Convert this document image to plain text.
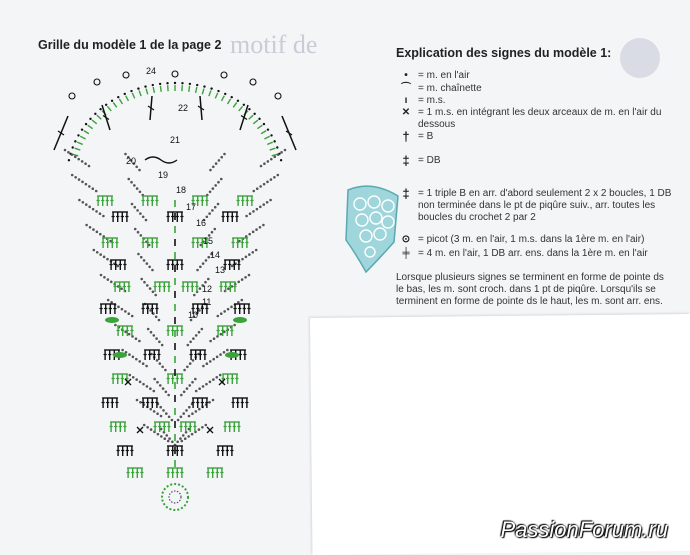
motif de
Grille du modèle 1 de la page 2
Explication des signes du modèle 1:
•	= m. en l'air
⌒ = m. chaînette
ı	= m.s.
✕ = 1 m.s. en intégrant les deux arceaux de m. en l'air du dessous
† = B
‡ = DB
‡ = 1 triple B en arr. d'abord seulement 2 x 2 boucles, 1 DB non terminée dans le pt de piqûre suiv., arr. toutes les boucles du crochet 2 par 2
⊙ = picot (3 m. en l'air, 1 m.s. dans la 1ère m. en l'air)
╪ = 4 m. en l'air, 1 DB arr. ens. dans la 1ère m. en l'air
Lorsque plusieurs signes se terminent en forme de pointe ds le bas, les m. sont croch. dans 1 pt de piqûre. Lorsqu'ils se terminent en forme de pointe ds le haut, les m. sont arr. ens.
24
22
21
20
19
18
17
16
15
14
13
12
11
10
PassionForum.ru
